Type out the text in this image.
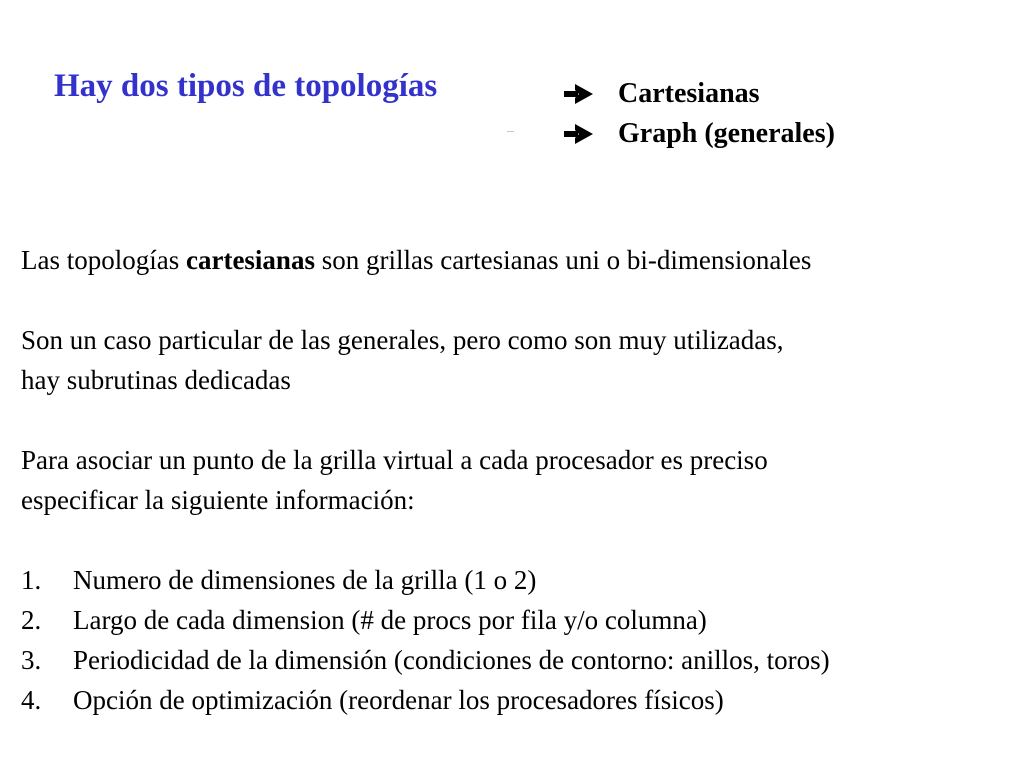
Hay dos tipos de topologías	Cartesianas
Graph (generales)

Las topologías cartesianas son grillas cartesianas uni o bi-dimensionales

Son un caso particular de las generales, pero como son muy utilizadas,
hay subrutinas dedicadas

Para asociar un punto de la grilla virtual a cada procesador es preciso
especificar la siguiente información:

1.	Numero de dimensiones de la grilla (1 o 2)
2.	Largo de cada dimension (# de procs por fila y/o columna)
3.	Periodicidad de la dimensión (condiciones de contorno: anillos, toros)
4.	Opción de optimización (reordenar los procesadores físicos)
